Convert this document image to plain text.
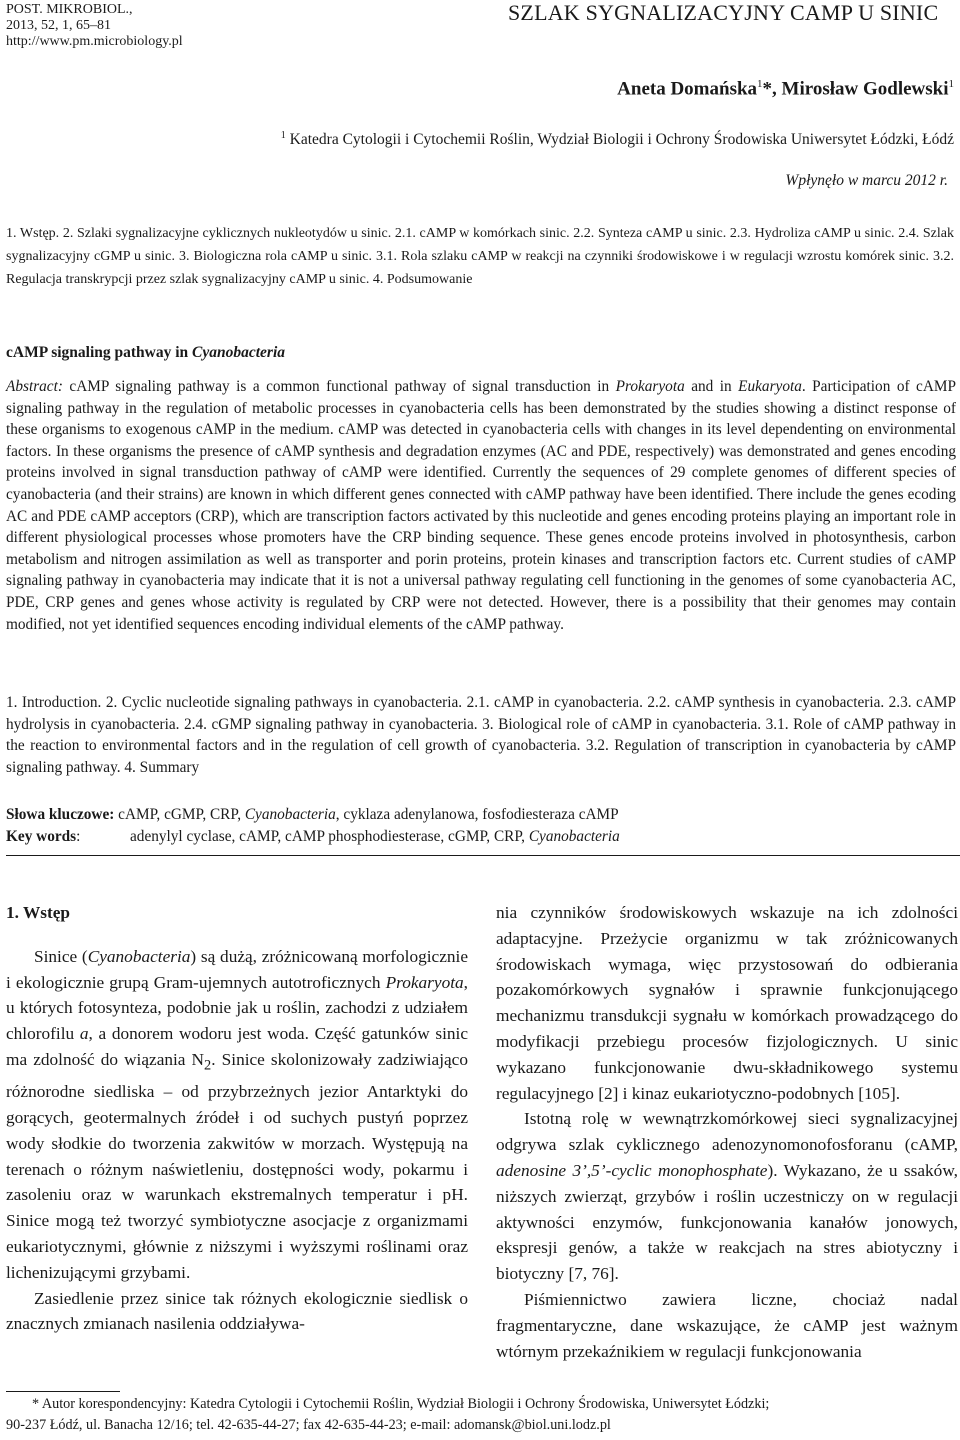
POST. MIKROBIOL.,
2013, 52, 1, 65–81
http://www.pm.microbiology.pl
SZLAK SYGNALIZACYJNY CAMP U SINIC
Aneta Domańska$^1$*, Mirosław Godlewski$^1$
$^1$ Katedra Cytologii i Cytochemii Roślin, Wydział Biologii i Ochrony Środowiska Uniwersytet Łódzki, Łódź
Wpłynęło w marcu 2012 r.
1. Wstęp. 2. Szlaki sygnalizacyjne cyklicznych nukleotydów u sinic. 2.1. cAMP w komórkach sinic. 2.2. Synteza cAMP u sinic. 2.3. Hydroliza cAMP u sinic. 2.4. Szlak sygnalizacyjny cGMP u sinic. 3. Biologiczna rola cAMP u sinic. 3.1. Rola szlaku cAMP w reakcji na czynniki środowiskowe i w regulacji wzrostu komórek sinic. 3.2. Regulacja transkrypcji przez szlak sygnalizacyjny cAMP u sinic. 4. Podsumowanie
cAMP signaling pathway in Cyanobacteria
Abstract: cAMP signaling pathway is a common functional pathway of signal transduction in Prokaryota and in Eukaryota. Participation of cAMP signaling pathway in the regulation of metabolic processes in cyanobacteria cells has been demonstrated by the studies showing a distinct response of these organisms to exogenous cAMP in the medium. cAMP was detected in cyanobacteria cells with changes in its level dependenting on environmental factors. In these organisms the presence of cAMP synthesis and degradation enzymes (AC and PDE, respectively) was demonstrated and genes encoding proteins involved in signal transduction pathway of cAMP were identified. Currently the sequences of 29 complete genomes of different species of cyanobacteria (and their strains) are known in which different genes connected with cAMP pathway have been identified. There include the genes ecoding AC and PDE cAMP acceptors (CRP), which are transcription factors activated by this nucleotide and genes encoding proteins playing an important role in different physiological processes whose promoters have the CRP binding sequence. These genes encode proteins involved in photosynthesis, carbon metabolism and nitrogen assimilation as well as transporter and porin proteins, protein kinases and transcription factors etc. Current studies of cAMP signaling pathway in cyanobacteria may indicate that it is not a universal pathway regulating cell functioning in the genomes of some cyanobacteria AC, PDE, CRP genes and genes whose activity is regulated by CRP were not detected. However, there is a possibility that their genomes may contain modified, not yet identified sequences encoding individual elements of the cAMP pathway.
1. Introduction. 2. Cyclic nucleotide signaling pathways in cyanobacteria. 2.1. cAMP in cyanobacteria. 2.2. cAMP synthesis in cyanobacteria. 2.3. cAMP hydrolysis in cyanobacteria. 2.4. cGMP signaling pathway in cyanobacteria. 3. Biological role of cAMP in cyanobacteria. 3.1. Role of cAMP pathway in the reaction to environmental factors and in the regulation of cell growth of cyanobacteria. 3.2. Regulation of transcription in cyanobacteria by cAMP signaling pathway. 4. Summary
Słowa kluczowe: cAMP, cGMP, CRP, Cyanobacteria, cyklaza adenylanowa, fosfodiesteraza cAMP
Key words:	adenylyl cyclase, cAMP, cAMP phosphodiesterase, cGMP, CRP, Cyanobacteria

1. Wstęp

Sinice (Cyanobacteria) są dużą, zróżnicowaną morfologicznie i ekologicznie grupą Gram-ujemnych autotroficznych Prokaryota, u których fotosynteza, podobnie jak u roślin, zachodzi z udziałem chlorofilu a, a donorem wodoru jest woda. Część gatunków sinic ma zdolność do wiązania $N_2$. Sinice skolonizowały zadziwiająco różnorodne siedliska – od przybrzeżnych jezior Antarktyki do gorących, geotermalnych źródeł i od suchych pustyń poprzez wody słodkie do tworzenia zakwitów w morzach. Występują na terenach o różnym naświetleniu, dostępności wody, pokarmu i zasoleniu oraz w warunkach ekstremalnych temperatur i pH. Sinice mogą też tworzyć symbiotyczne asocjacje z organizmami eukariotycznymi, głównie z niższymi i wyższymi roślinami oraz lichenizującymi grzybami.

Zasiedlenie przez sinice tak różnych ekologicznie siedlisk o znacznych zmianach nasilenia oddziaływa-

nia czynników środowiskowych wskazuje na ich zdolności adaptacyjne. Przeżycie organizmu w tak zróżnicowanych środowiskach wymaga, więc przystosowań do odbierania pozakomórkowych sygnałów i sprawnie funkcjonującego mechanizmu transdukcji sygnału w komórkach prowadzącego do modyfikacji przebiegu procesów fizjologicznych. U sinic wykazano funkcjonowanie dwu-składnikowego systemu regulacyjnego [2] i kinaz eukariotyczno-podobnych [105].

Istotną rolę w wewnątrzkomórkowej sieci sygnalizacyjnej odgrywa szlak cyklicznego adenozynomonofosforanu (cAMP, adenosine 3’,5’-cyclic monophosphate). Wykazano, że u ssaków, niższych zwierząt, grzybów i roślin uczestniczy on w regulacji aktywności enzymów, funkcjonowania kanałów jonowych, ekspresji genów, a także w reakcjach na stres abiotyczny i biotyczny [7, 76].

Piśmiennictwo zawiera liczne, chociaż nadal fragmentaryczne, dane wskazujące, że cAMP jest ważnym wtórnym przekaźnikiem w regulacji funkcjonowania

* Autor korespondencyjny: Katedra Cytologii i Cytochemii Roślin, Wydział Biologii i Ochrony Środowiska, Uniwersytet Łódzki;
90-237 Łódź, ul. Banacha 12/16; tel. 42-635-44-27; fax 42-635-44-23; e-mail: adomansk@biol.uni.lodz.pl
